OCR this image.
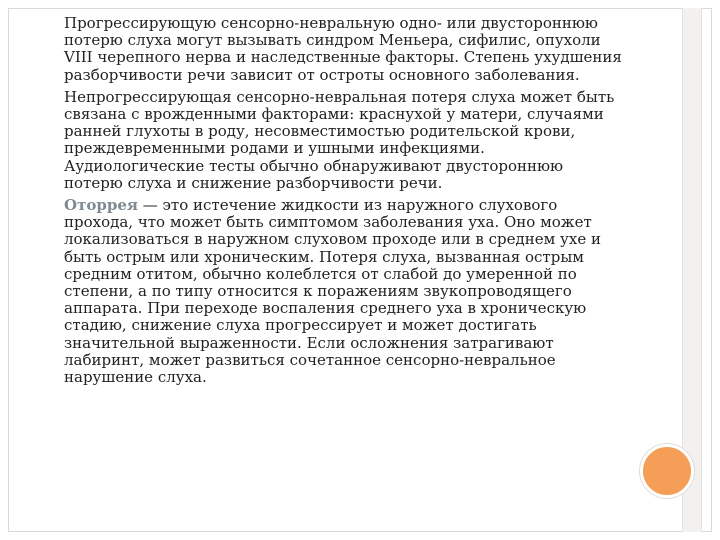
Прогрессирующую сенсорно-невральную одно- или двустороннюю потерю слуха могут вызывать синдром Меньера, сифилис, опухоли VIII черепного нерва и наследственные факторы. Степень ухудшения разборчивости речи зависит от остроты основного заболевания.

Непрогрессирующая сенсорно-невральная потеря слуха может быть связана с врожденными факторами: краснухой у матери, случаями ранней глухоты в роду, несовместимостью родительской крови, преждевременными родами и ушными инфекциями. Аудиологические тесты обычно обнаруживают двустороннюю потерю слуха и снижение разборчивости речи.

Оторрея — это истечение жидкости из наружного слухового прохода, что может быть симптомом заболевания уха. Оно может локализоваться в наружном слуховом проходе или в среднем ухе и быть острым или хроническим. Потеря слуха, вызванная острым средним отитом, обычно колеблется от слабой до умеренной по степени, а по типу относится к поражениям звукопроводящего аппарата. При переходе воспаления среднего уха в хроническую стадию, снижение слуха прогрессирует и может достигать значительной выраженности. Если осложнения затрагивают лабиринт, может развиться сочетанное сенсорно-невральное нарушение слуха.
